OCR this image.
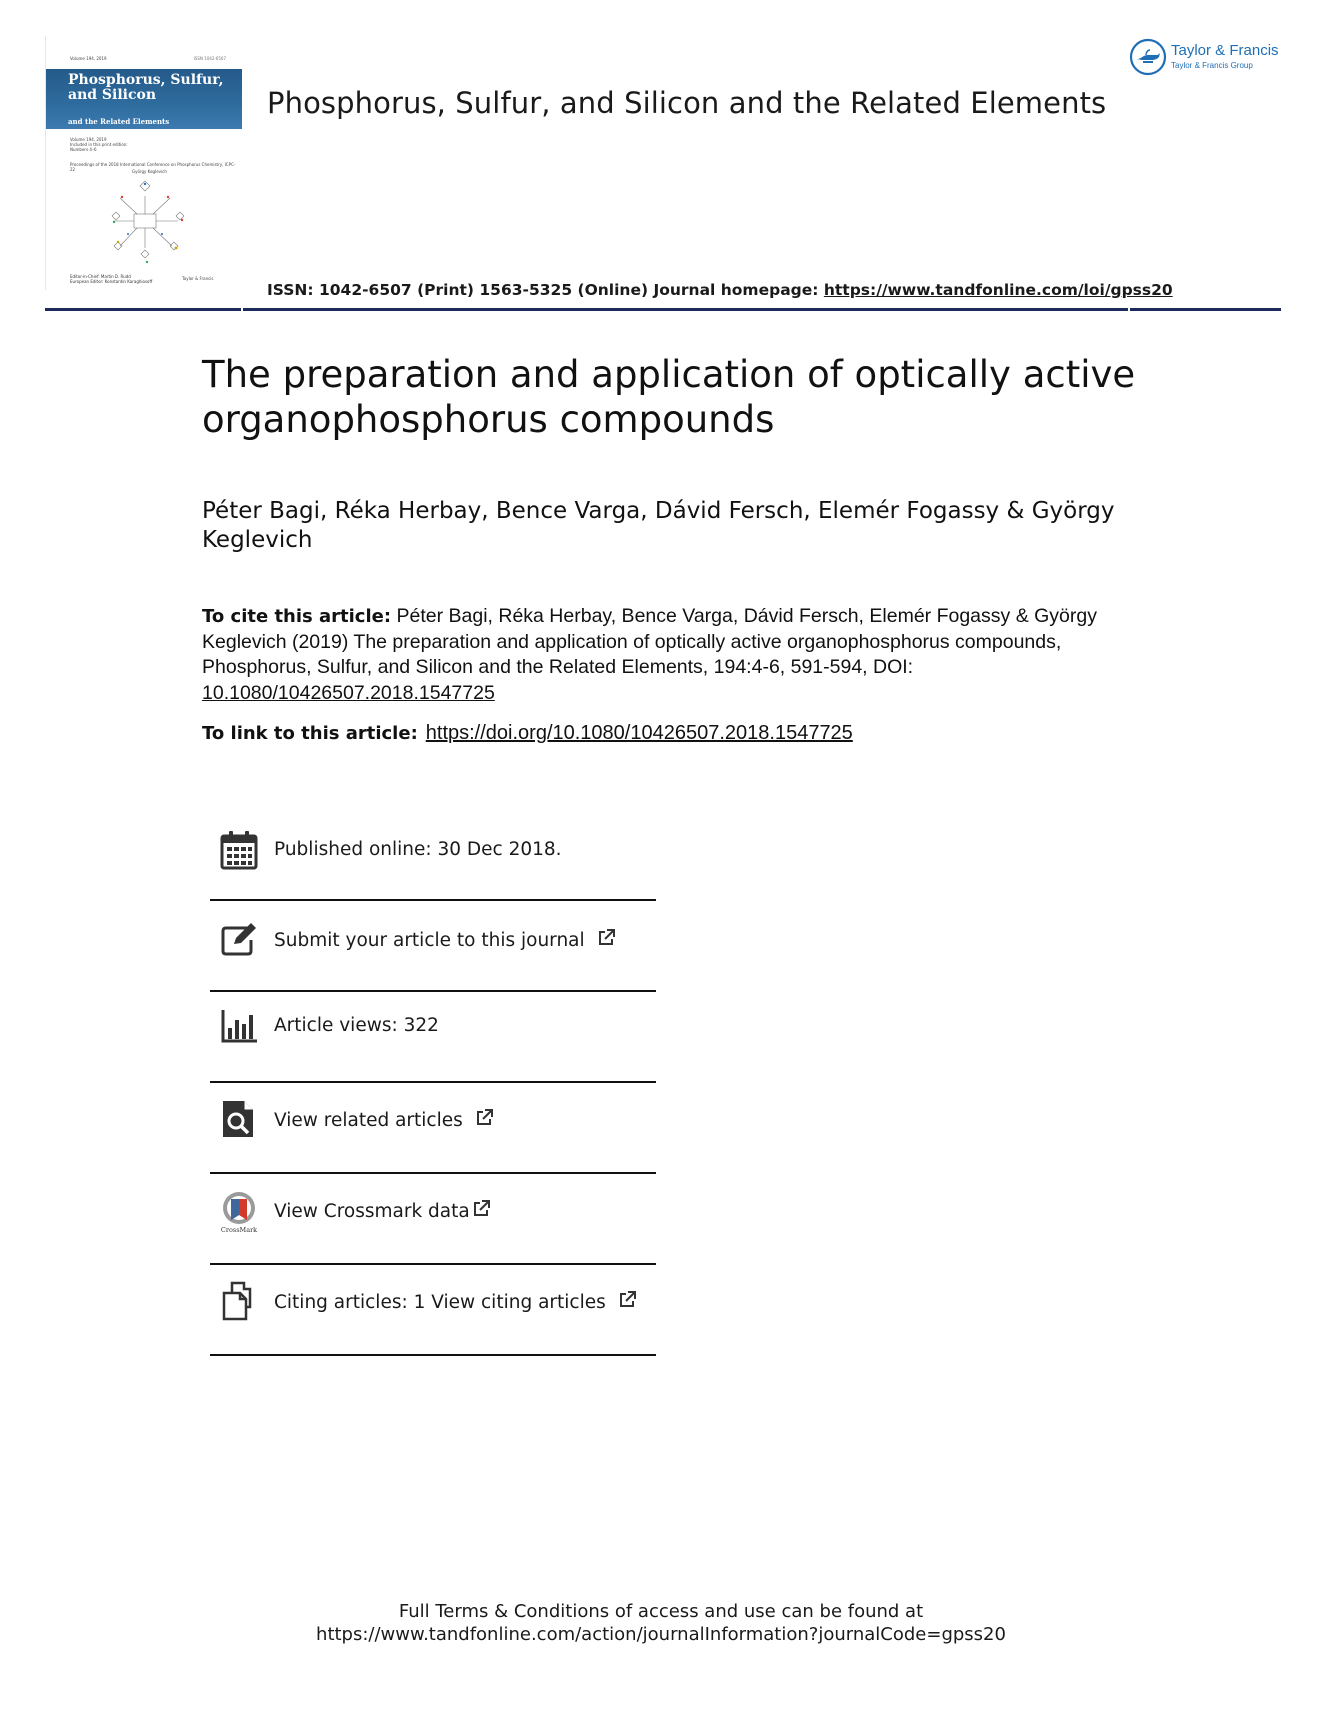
Volume 194, 2019	ISSN 1042-6507
Phosphorus, Sulfur, and Silicon
and the Related Elements
Volume 194, 2019
Included in this print edition:
Numbers 4–6
Proceedings of the 2018 International Conference on Phosphorus Chemistry, ICPC-22	György Keglevich
Editor-in-Chief: Martin D. Rudd
European Editor: Konstantin Karaghiosoff
Taylor & Francis
Phosphorus, Sulfur, and Silicon and the Related Elements
Taylor & Francis
Taylor & Francis Group
ISSN: 1042-6507 (Print) 1563-5325 (Online) Journal homepage: https://www.tandfonline.com/loi/gpss20
The preparation and application of optically active organophosphorus compounds
Péter Bagi, Réka Herbay, Bence Varga, Dávid Fersch, Elemér Fogassy & György Keglevich
To cite this article: Péter Bagi, Réka Herbay, Bence Varga, Dávid Fersch, Elemér Fogassy & György Keglevich (2019) The preparation and application of optically active organophosphorus compounds, Phosphorus, Sulfur, and Silicon and the Related Elements, 194:4-6, 591-594, DOI: 10.1080/10426507.2018.1547725
To link to this article: https://doi.org/10.1080/10426507.2018.1547725
Published online: 30 Dec 2018.
Submit your article to this journal
Article views: 322
View related articles
CrossMark
View Crossmark data
Citing articles: 1 View citing articles
Full Terms & Conditions of access and use can be found at
https://www.tandfonline.com/action/journalInformation?journalCode=gpss20
